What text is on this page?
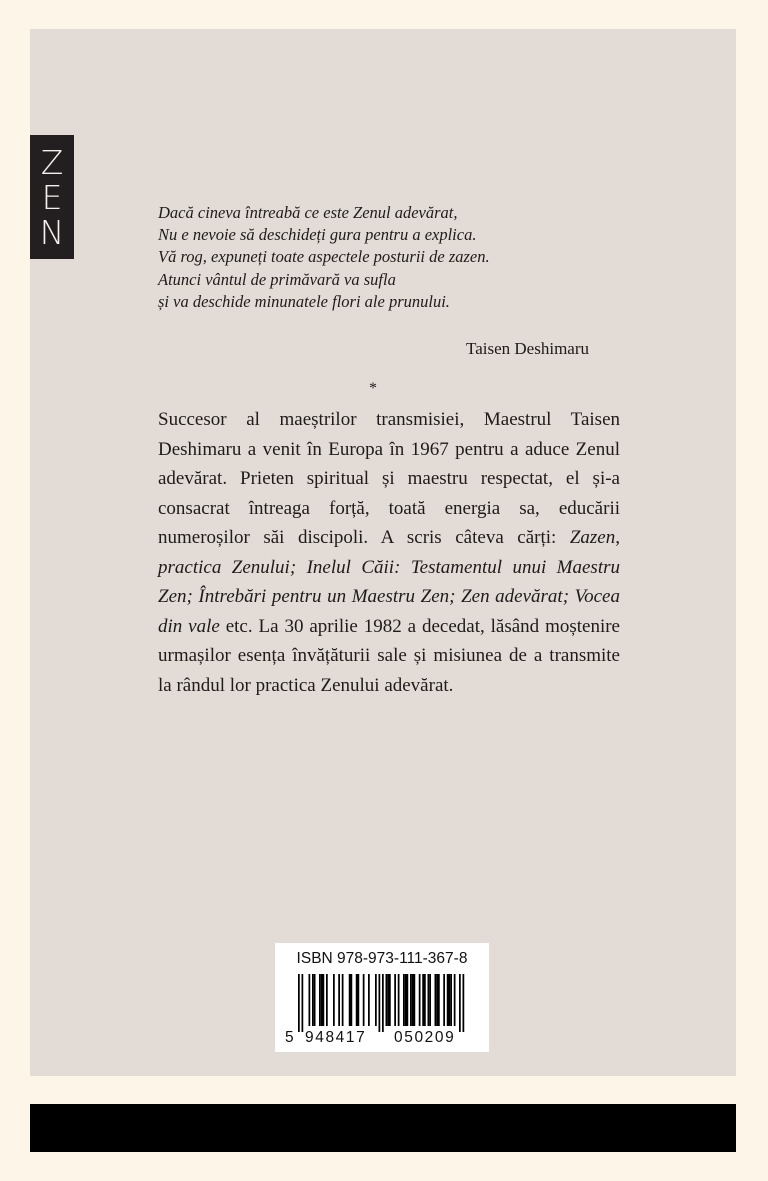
Z
E
N	Dacă cineva întreabă ce este Zenul adevărat,
Nu e nevoie să deschideți gura pentru a explica.
Vă rog, expuneți toate aspectele posturii de zazen.
Atunci vântul de primăvară va sufla
și va deschide minunatele flori ale prunului.
Taisen Deshimaru
*

Succesor al maeștrilor transmisiei, Maestrul Taisen Deshimaru a venit în Europa în 1967 pentru a aduce Zenul adevărat. Prieten spiritual și maestru respectat, el și-a consacrat întreaga forță, toată energia sa, educării numeroșilor săi discipoli. A scris câteva cărți: Zazen, practica Zenului; Inelul Căii: Testamentul unui Maestru Zen; Întrebări pentru un Maestru Zen; Zen adevărat; Vocea din vale etc. La 30 aprilie 1982 a decedat, lăsând moștenire urmașilor esența învățăturii sale și misiunea de a transmite la rândul lor practica Zenului adevărat.

ISBN 978-973-111-367-8
5 948417 050209
